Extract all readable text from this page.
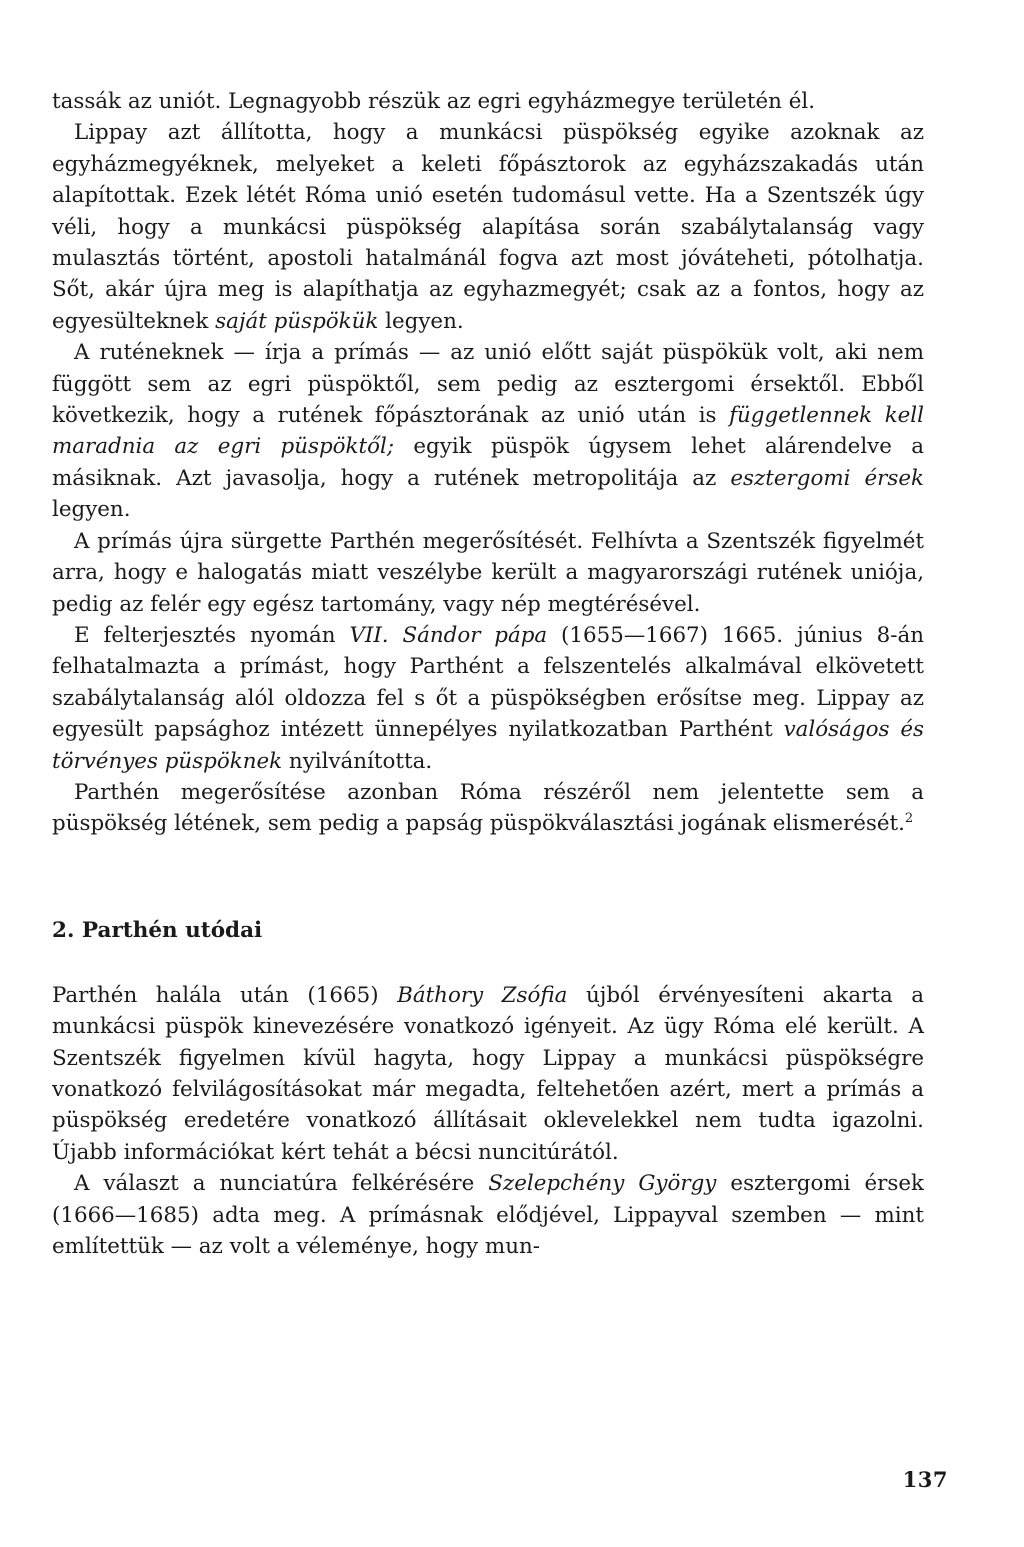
tassák az uniót. Legnagyobb részük az egri egyházmegye területén él.

Lippay azt állította, hogy a munkácsi püspökség egyike azoknak az egyházmegyéknek, melyeket a keleti főpásztorok az egyházszakadás után alapítottak. Ezek létét Róma unió esetén tudomásul vette. Ha a Szentszék úgy véli, hogy a munkácsi püspökség alapítása során szabálytalanság vagy mulasztás történt, apostoli hatalmánál fogva azt most jóváteheti, pótolhatja. Sőt, akár újra meg is alapíthatja az egyhazmegyét; csak az a fontos, hogy az egyesülteknek saját püspökük legyen.

A ruténeknek — írja a prímás — az unió előtt saját püspökük volt, aki nem függött sem az egri püspöktől, sem pedig az esztergomi érsektől. Ebből következik, hogy a rutének főpásztorának az unió után is függetlennek kell maradnia az egri püspöktől; egyik püspök úgysem lehet alárendelve a másiknak. Azt javasolja, hogy a rutének metropolitája az esztergomi érsek legyen.

A prímás újra sürgette Parthén megerősítését. Felhívta a Szentszék figyelmét arra, hogy e halogatás miatt veszélybe került a magyarországi rutének uniója, pedig az felér egy egész tartomány, vagy nép megtérésével.

E felterjesztés nyomán VII. Sándor pápa (1655—1667) 1665. június 8-án felhatalmazta a prímást, hogy Parthént a felszentelés alkalmával elkövetett szabálytalanság alól oldozza fel s őt a püspökségben erősítse meg. Lippay az egyesült papsághoz intézett ünnepélyes nyilatkozatban Parthént valóságos és törvényes püspöknek nyilvánította.

Parthén megerősítése azonban Róma részéről nem jelentette sem a püspökség létének, sem pedig a papság püspökválasztási jogának elismerését.$^2$

2. Parthén utódai

Parthén halála után (1665) Báthory Zsófia újból érvényesíteni akarta a munkácsi püspök kinevezésére vonatkozó igényeit. Az ügy Róma elé került. A Szentszék figyelmen kívül hagyta, hogy Lippay a munkácsi püspökségre vonatkozó felvilágosításokat már megadta, feltehetően azért, mert a prímás a püspökség eredetére vonatkozó állításait oklevelekkel nem tudta igazolni. Újabb információkat kért tehát a bécsi nuncitúrától.

A választ a nunciatúra felkérésére Szelepchény György esztergomi érsek (1666—1685) adta meg. A prímásnak elődjével, Lippayval szemben — mint említettük — az volt a véleménye, hogy mun-

137
